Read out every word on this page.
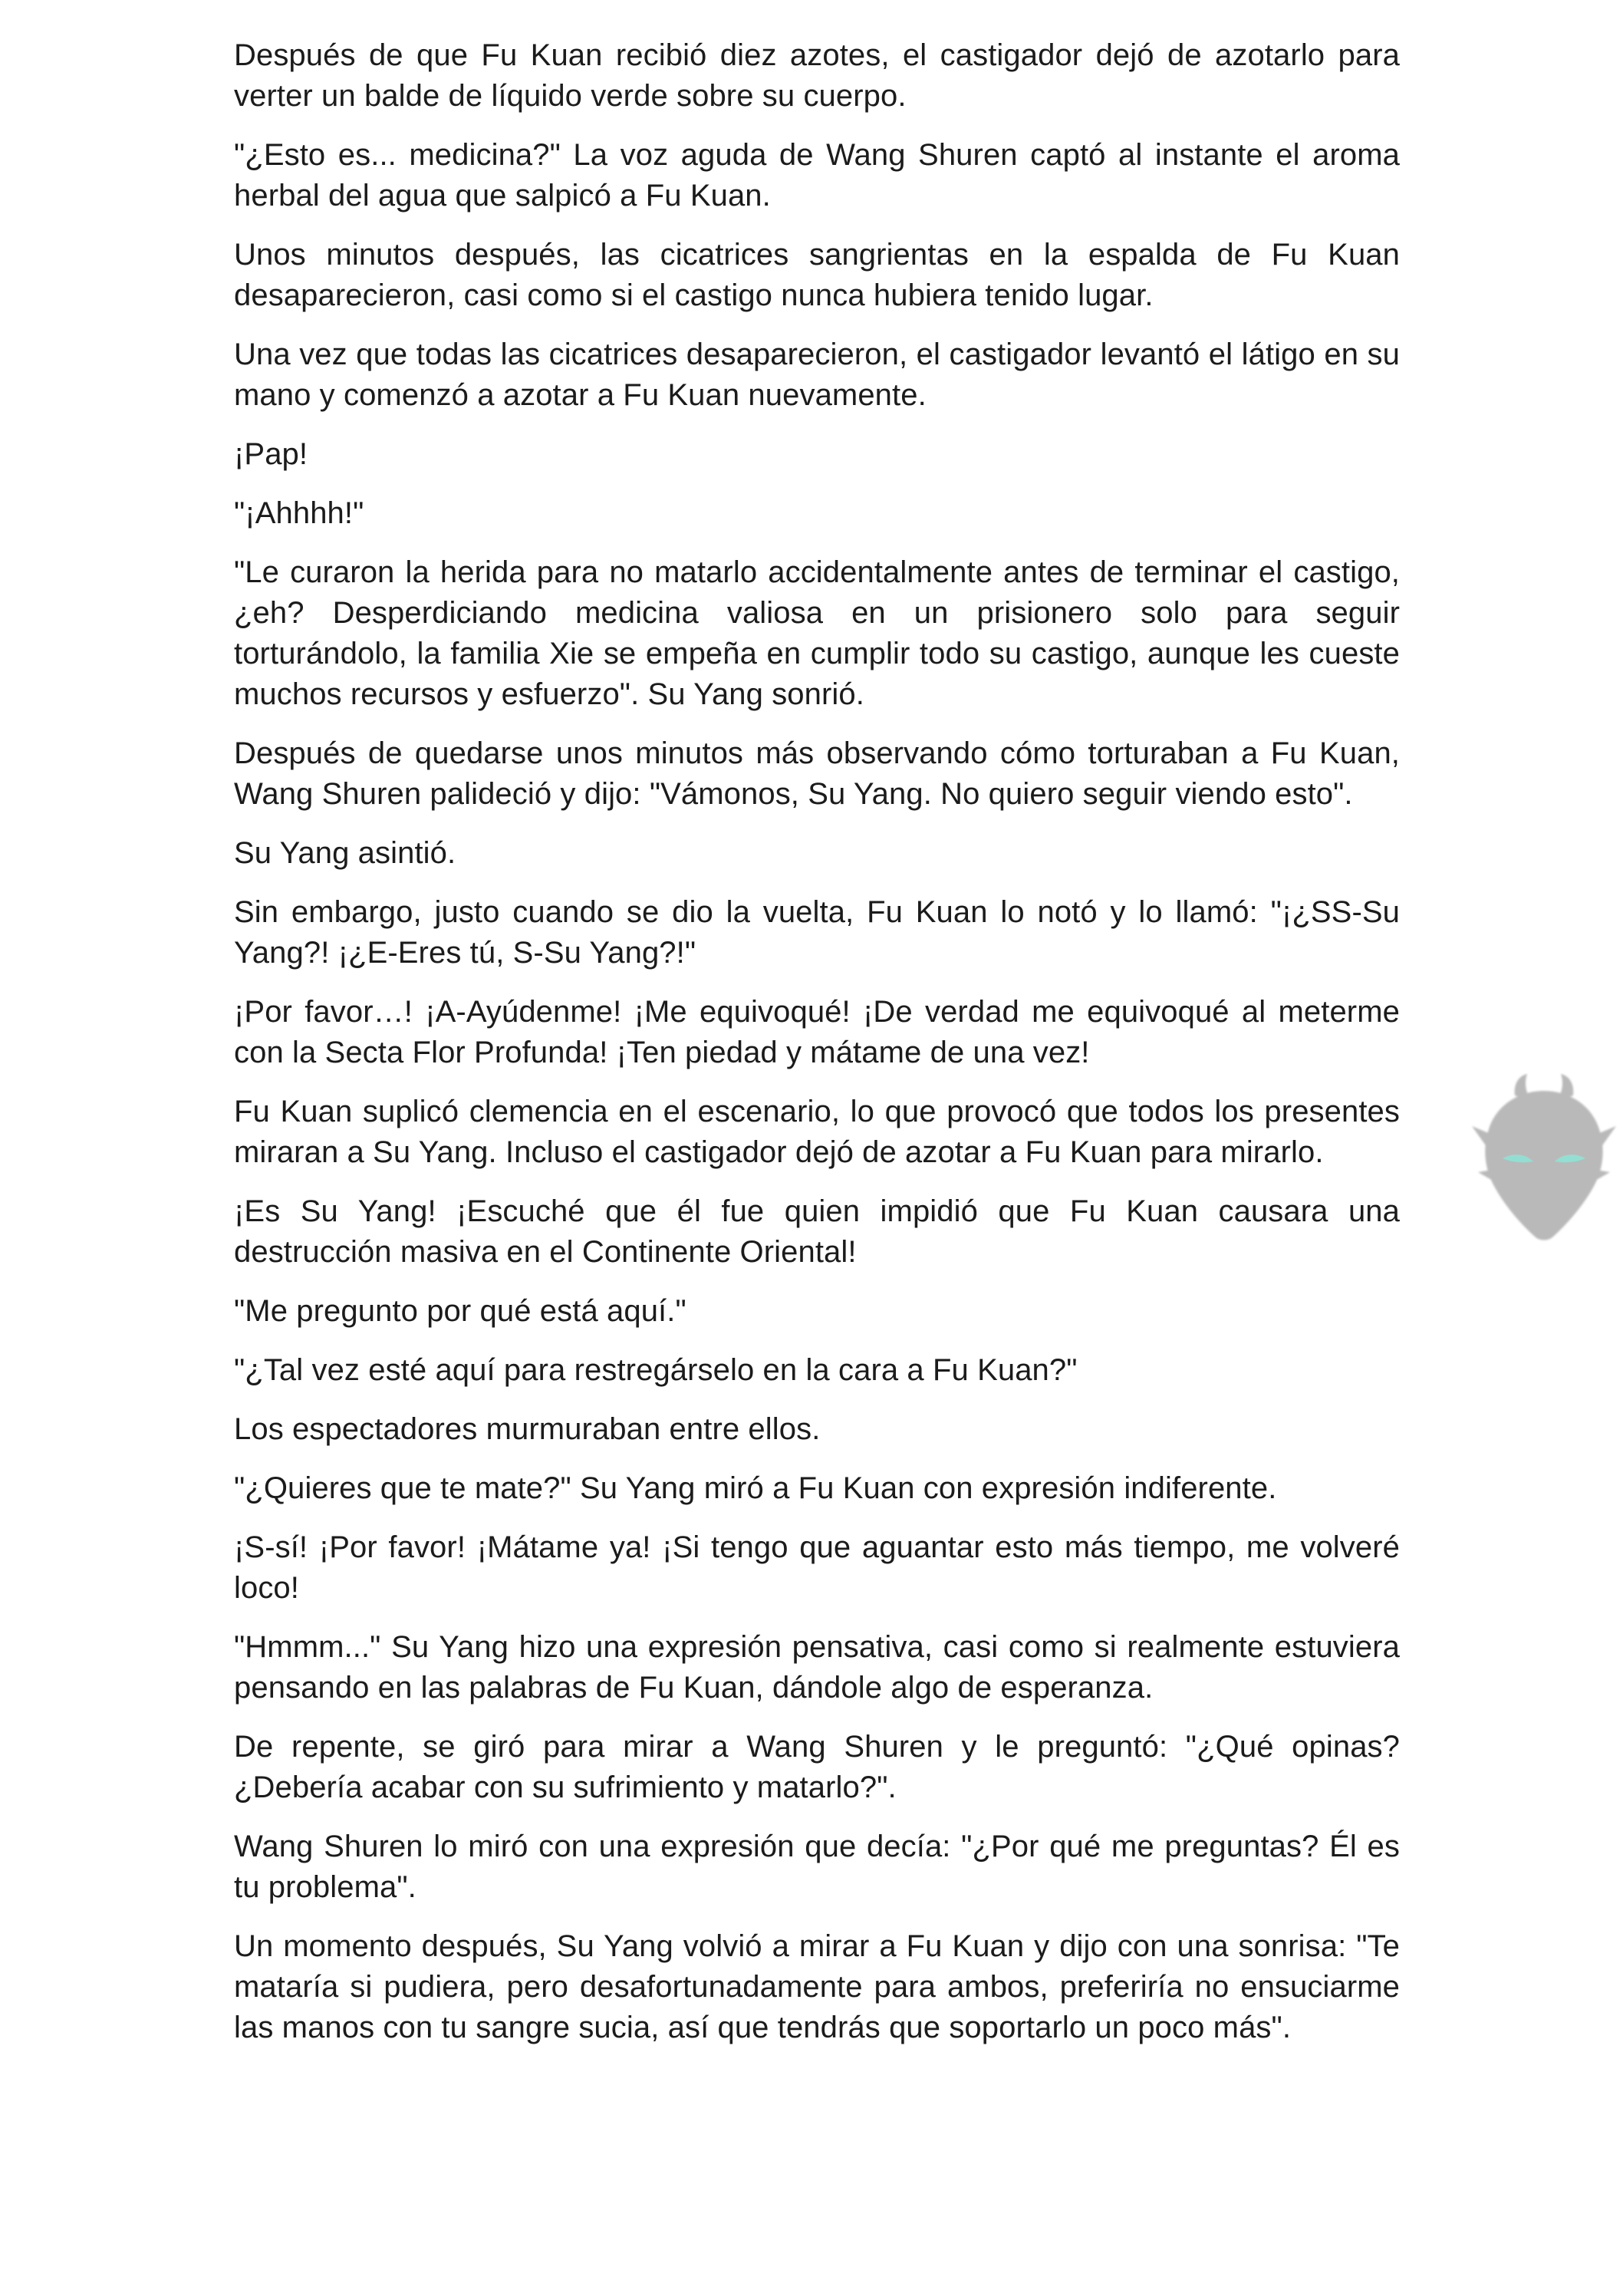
Después de que Fu Kuan recibió diez azotes, el castigador dejó de azotarlo para verter un balde de líquido verde sobre su cuerpo.

"¿Esto es... medicina?" La voz aguda de Wang Shuren captó al instante el aroma herbal del agua que salpicó a Fu Kuan.

Unos minutos después, las cicatrices sangrientas en la espalda de Fu Kuan desaparecieron, casi como si el castigo nunca hubiera tenido lugar.

Una vez que todas las cicatrices desaparecieron, el castigador levantó el látigo en su mano y comenzó a azotar a Fu Kuan nuevamente.

¡Pap!

"¡Ahhhh!"

"Le curaron la herida para no matarlo accidentalmente antes de terminar el castigo, ¿eh? Desperdiciando medicina valiosa en un prisionero solo para seguir torturándolo, la familia Xie se empeña en cumplir todo su castigo, aunque les cueste muchos recursos y esfuerzo". Su Yang sonrió.

Después de quedarse unos minutos más observando cómo torturaban a Fu Kuan, Wang Shuren palideció y dijo: "Vámonos, Su Yang. No quiero seguir viendo esto".

Su Yang asintió.

Sin embargo, justo cuando se dio la vuelta, Fu Kuan lo notó y lo llamó: "¡¿SS-Su Yang?! ¡¿E-Eres tú, S-Su Yang?!"

¡Por favor…! ¡A-Ayúdenme! ¡Me equivoqué! ¡De verdad me equivoqué al meterme con la Secta Flor Profunda! ¡Ten piedad y mátame de una vez!

Fu Kuan suplicó clemencia en el escenario, lo que provocó que todos los presentes miraran a Su Yang. Incluso el castigador dejó de azotar a Fu Kuan para mirarlo.

¡Es Su Yang! ¡Escuché que él fue quien impidió que Fu Kuan causara una destrucción masiva en el Continente Oriental!

"Me pregunto por qué está aquí."

"¿Tal vez esté aquí para restregárselo en la cara a Fu Kuan?"

Los espectadores murmuraban entre ellos.

"¿Quieres que te mate?" Su Yang miró a Fu Kuan con expresión indiferente.

¡S-sí! ¡Por favor! ¡Mátame ya! ¡Si tengo que aguantar esto más tiempo, me volveré loco!

"Hmmm..." Su Yang hizo una expresión pensativa, casi como si realmente estuviera pensando en las palabras de Fu Kuan, dándole algo de esperanza.

De repente, se giró para mirar a Wang Shuren y le preguntó: "¿Qué opinas? ¿Debería acabar con su sufrimiento y matarlo?".

Wang Shuren lo miró con una expresión que decía: "¿Por qué me preguntas? Él es tu problema".

Un momento después, Su Yang volvió a mirar a Fu Kuan y dijo con una sonrisa: "Te mataría si pudiera, pero desafortunadamente para ambos, preferiría no ensuciarme las manos con tu sangre sucia, así que tendrás que soportarlo un poco más".
